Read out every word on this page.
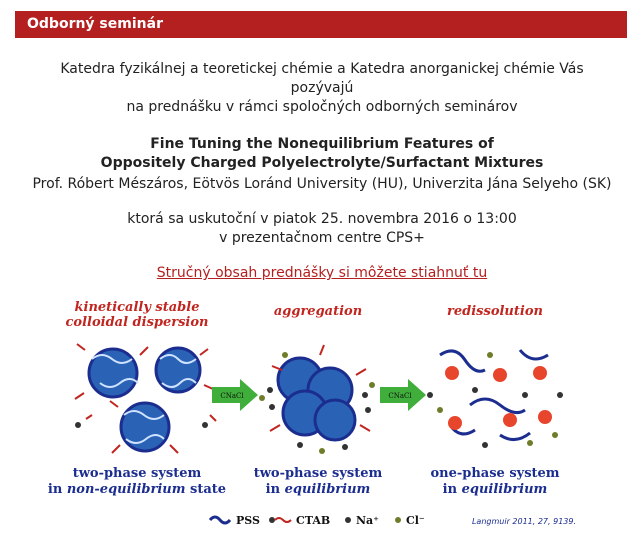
Odborný seminár
Katedra fyzikálnej a teoretickej chémie a Katedra anorganickej chémie Vás
pozývajú
na prednášku v rámci spoločných odborných seminárov
Fine Tuning the Nonequilibrium Features of
Oppositely Charged Polyelectrolyte/Surfactant Mixtures
Prof. Róbert Mészáros, Eötvös Loránd University (HU), Univerzita Jána Selyeho (SK)
ktorá sa uskutoční v piatok 25. novembra 2016 o 13:00
v prezentačnom centre CPS+
Stručný obsah prednášky si môžete stiahnuť tu
kinetically stable
colloidal dispersion
aggregation	redissolution
CNaCl	CNaCl
two-phase system
in non-equilibrium state
two-phase system
in equilibrium
one-phase system
in equilibrium
PSS	CTAB Na⁺ Cl⁻	Langmuir 2011, 27, 9139.
